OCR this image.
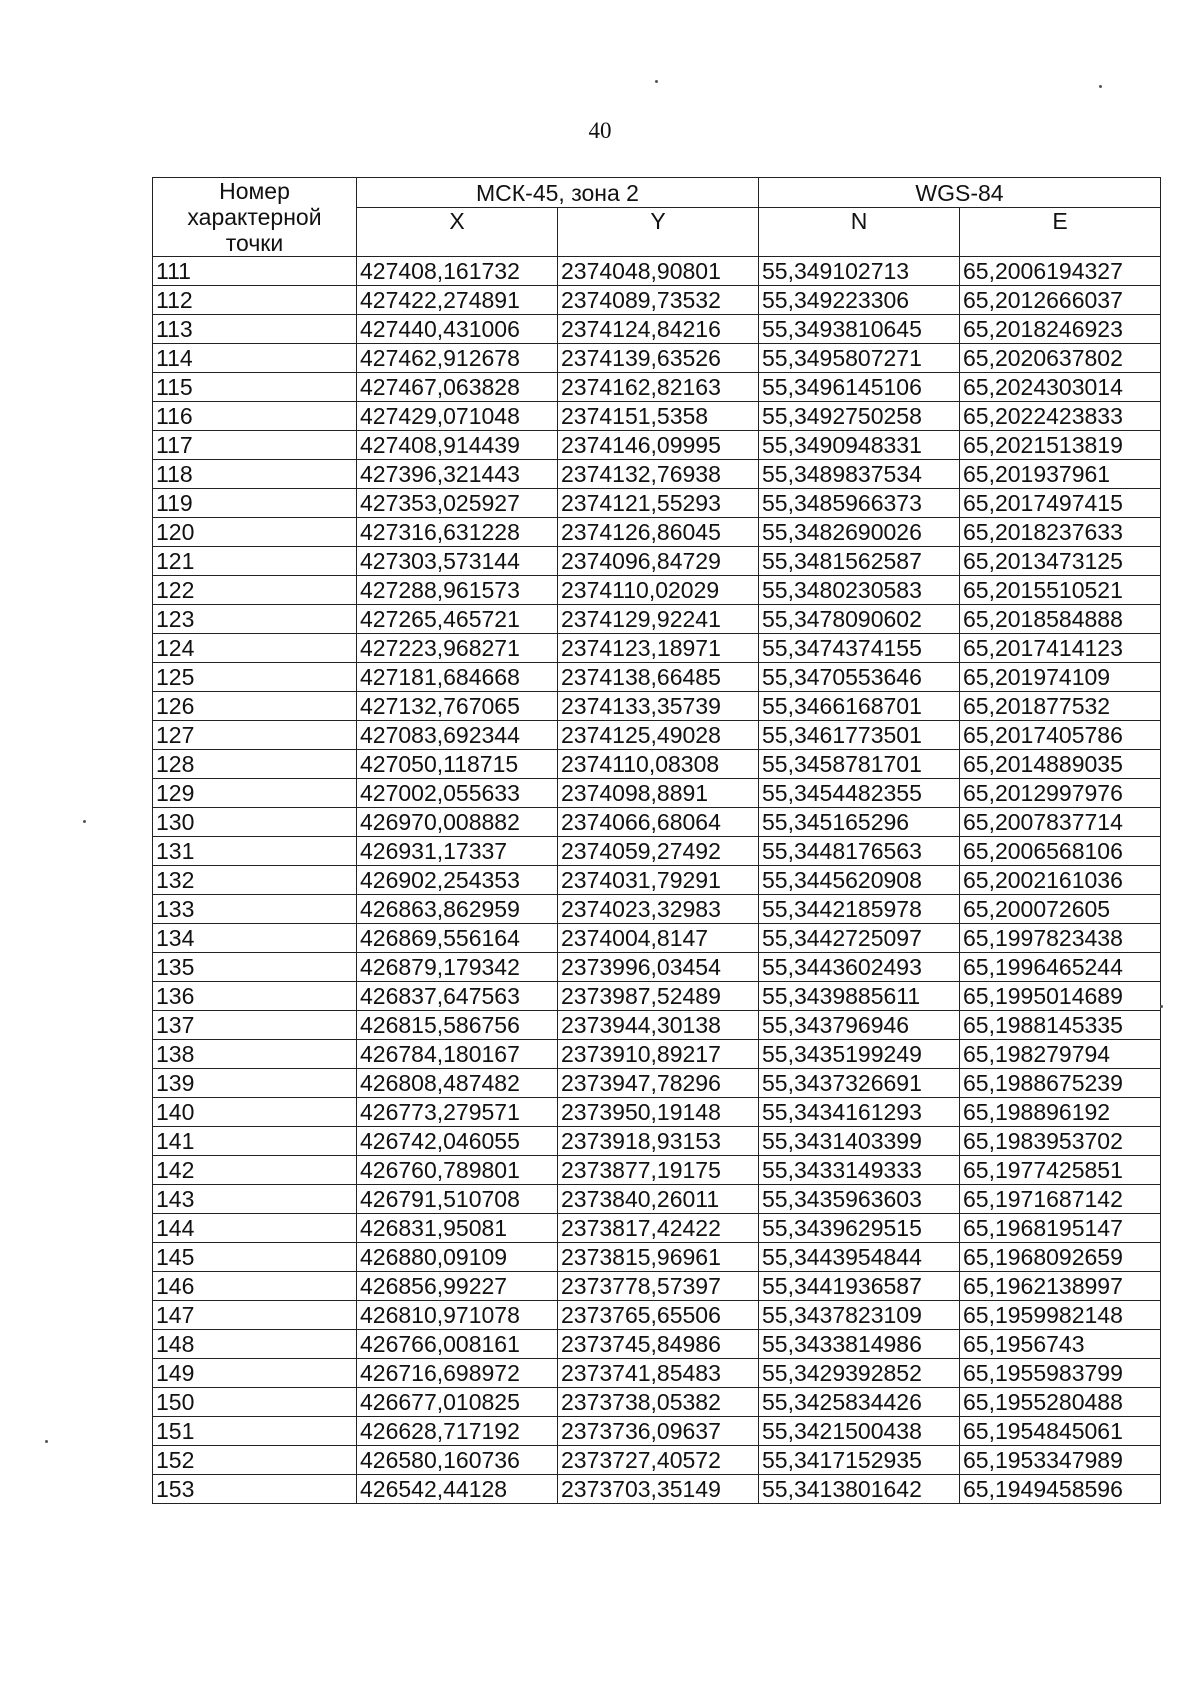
40
Номер
характерной
точки	МСК-45, зона 2		WGS-84	
	X	Y	N	E
111	427408,161732	2374048,90801	55,349102713	65,2006194327
112	427422,274891	2374089,73532	55,349223306	65,2012666037
113	427440,431006	2374124,84216	55,3493810645	65,2018246923
114	427462,912678	2374139,63526	55,3495807271	65,2020637802
115	427467,063828	2374162,82163	55,3496145106	65,2024303014
116	427429,071048	2374151,5358	55,3492750258	65,2022423833
117	427408,914439	2374146,09995	55,3490948331	65,2021513819
118	427396,321443	2374132,76938	55,3489837534	65,201937961
119	427353,025927	2374121,55293	55,3485966373	65,2017497415
120	427316,631228	2374126,86045	55,3482690026	65,2018237633
121	427303,573144	2374096,84729	55,3481562587	65,2013473125
122	427288,961573	2374110,02029	55,3480230583	65,2015510521
123	427265,465721	2374129,92241	55,3478090602	65,2018584888
124	427223,968271	2374123,18971	55,3474374155	65,2017414123
125	427181,684668	2374138,66485	55,3470553646	65,201974109
126	427132,767065	2374133,35739	55,3466168701	65,201877532
127	427083,692344	2374125,49028	55,3461773501	65,2017405786
128	427050,118715	2374110,08308	55,3458781701	65,2014889035
129	427002,055633	2374098,8891	55,3454482355	65,2012997976
130	426970,008882	2374066,68064	55,345165296	65,2007837714
131	426931,17337	2374059,27492	55,3448176563	65,2006568106
132	426902,254353	2374031,79291	55,3445620908	65,2002161036
133	426863,862959	2374023,32983	55,3442185978	65,200072605
134	426869,556164	2374004,8147	55,3442725097	65,1997823438
135	426879,179342	2373996,03454	55,3443602493	65,1996465244
136	426837,647563	2373987,52489	55,3439885611	65,1995014689
137	426815,586756	2373944,30138	55,343796946	65,1988145335
138	426784,180167	2373910,89217	55,3435199249	65,198279794
139	426808,487482	2373947,78296	55,3437326691	65,1988675239
140	426773,279571	2373950,19148	55,3434161293	65,198896192
141	426742,046055	2373918,93153	55,3431403399	65,1983953702
142	426760,789801	2373877,19175	55,3433149333	65,1977425851
143	426791,510708	2373840,26011	55,3435963603	65,1971687142
144	426831,95081	2373817,42422	55,3439629515	65,1968195147
145	426880,09109	2373815,96961	55,3443954844	65,1968092659
146	426856,99227	2373778,57397	55,3441936587	65,1962138997
147	426810,971078	2373765,65506	55,3437823109	65,1959982148
148	426766,008161	2373745,84986	55,3433814986	65,1956743
149	426716,698972	2373741,85483	55,3429392852	65,1955983799
150	426677,010825	2373738,05382	55,3425834426	65,1955280488
151	426628,717192	2373736,09637	55,3421500438	65,1954845061
152	426580,160736	2373727,40572	55,3417152935	65,1953347989
153	426542,44128	2373703,35149	55,3413801642	65,1949458596
